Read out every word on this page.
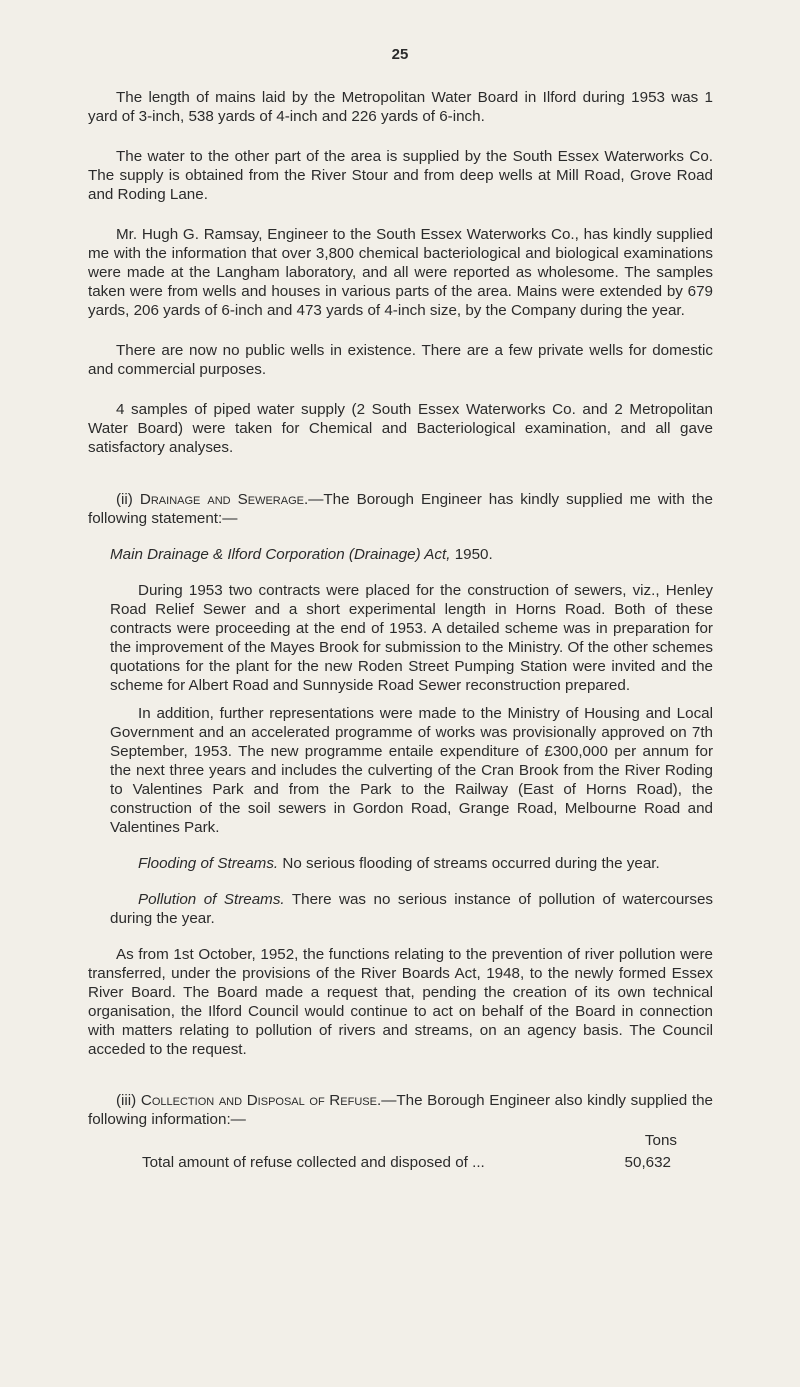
25

The length of mains laid by the Metropolitan Water Board in Ilford during 1953 was 1 yard of 3-inch, 538 yards of 4-inch and 226 yards of 6-inch.

The water to the other part of the area is supplied by the South Essex Waterworks Co. The supply is obtained from the River Stour and from deep wells at Mill Road, Grove Road and Roding Lane.

Mr. Hugh G. Ramsay, Engineer to the South Essex Waterworks Co., has kindly supplied me with the information that over 3,800 chemical bacteriological and biological examinations were made at the Langham laboratory, and all were reported as wholesome. The samples taken were from wells and houses in various parts of the area. Mains were extended by 679 yards, 206 yards of 6-inch and 473 yards of 4-inch size, by the Company during the year.

There are now no public wells in existence. There are a few private wells for domestic and commercial purposes.

4 samples of piped water supply (2 South Essex Waterworks Co. and 2 Metropolitan Water Board) were taken for Chemical and Bacteriological examination, and all gave satisfactory analyses.

(ii) Drainage and Sewerage.—The Borough Engineer has kindly supplied me with the following statement:—

Main Drainage & Ilford Corporation (Drainage) Act, 1950.

During 1953 two contracts were placed for the construction of sewers, viz., Henley Road Relief Sewer and a short experimental length in Horns Road. Both of these contracts were proceeding at the end of 1953. A detailed scheme was in preparation for the improvement of the Mayes Brook for submission to the Ministry. Of the other schemes quotations for the plant for the new Roden Street Pumping Station were invited and the scheme for Albert Road and Sunnyside Road Sewer reconstruction prepared.

In addition, further representations were made to the Ministry of Housing and Local Government and an accelerated programme of works was provisionally approved on 7th September, 1953. The new programme entaile expenditure of £300,000 per annum for the next three years and includes the culverting of the Cran Brook from the River Roding to Valentines Park and from the Park to the Railway (East of Horns Road), the construction of the soil sewers in Gordon Road, Grange Road, Melbourne Road and Valentines Park.

Flooding of Streams. No serious flooding of streams occurred during the year.

Pollution of Streams. There was no serious instance of pollution of watercourses during the year.

As from 1st October, 1952, the functions relating to the prevention of river pollution were transferred, under the provisions of the River Boards Act, 1948, to the newly formed Essex River Board. The Board made a request that, pending the creation of its own technical organisation, the Ilford Council would continue to act on behalf of the Board in connection with matters relating to pollution of rivers and streams, on an agency basis. The Council acceded to the request.

(iii) Collection and Disposal of Refuse.—The Borough Engineer also kindly supplied the following information:—

Tons
Total amount of refuse collected and disposed of ...	50,632
